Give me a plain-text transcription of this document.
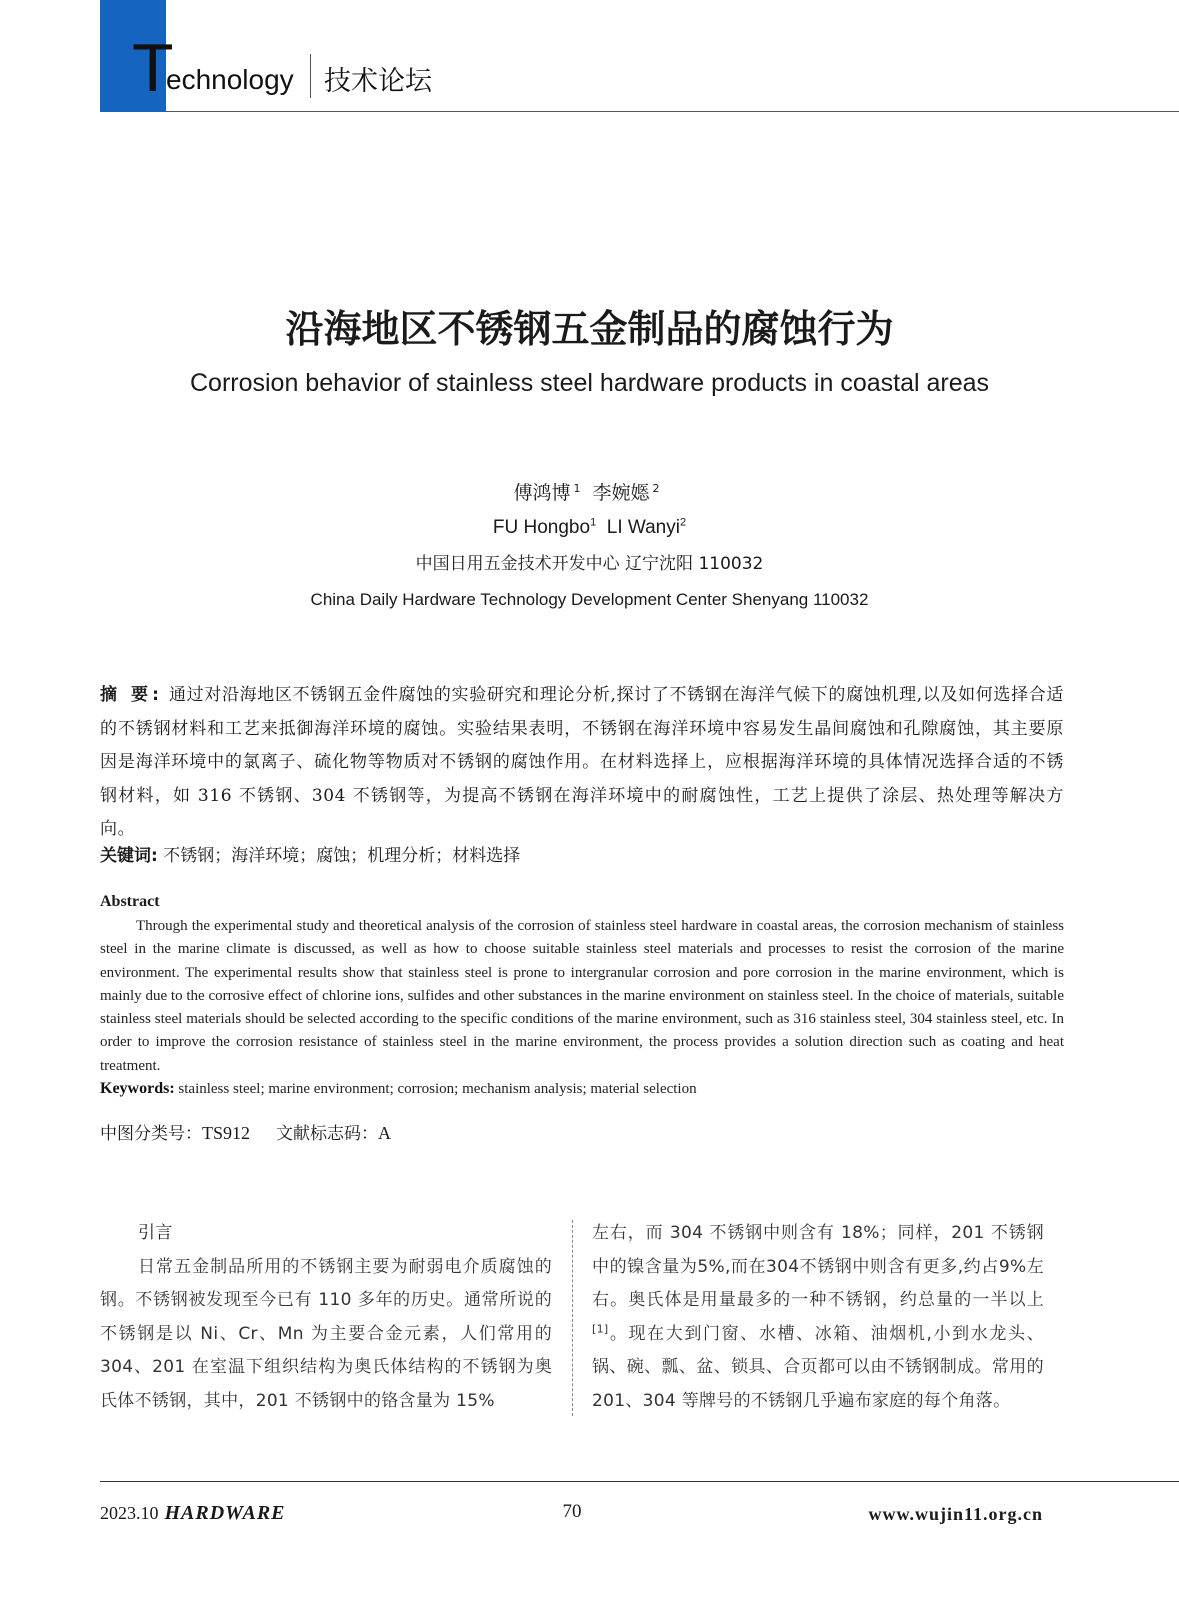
T
echnology 技术论坛
沿海地区不锈钢五金制品的腐蚀行为
Corrosion behavior of stainless steel hardware products in coastal areas
傅鸿博 $^1$ 李婉嫕 $^2$
FU Hongbo$^1$ LI Wanyi$^2$
中国日用五金技术开发中心 辽宁沈阳 110032
China Daily Hardware Technology Development Center Shenyang 110032
摘 要: 通过对沿海地区不锈钢五金件腐蚀的实验研究和理论分析,探讨了不锈钢在海洋气候下的腐蚀机理,以及如何选择合适的不锈钢材料和工艺来抵御海洋环境的腐蚀。实验结果表明，不锈钢在海洋环境中容易发生晶间腐蚀和孔隙腐蚀，其主要原因是海洋环境中的氯离子、硫化物等物质对不锈钢的腐蚀作用。在材料选择上，应根据海洋环境的具体情况选择合适的不锈钢材料，如 316 不锈钢、304 不锈钢等，为提高不锈钢在海洋环境中的耐腐蚀性，工艺上提供了涂层、热处理等解决方向。
关键词: 不锈钢；海洋环境；腐蚀；机理分析；材料选择
Abstract
Through the experimental study and theoretical analysis of the corrosion of stainless steel hardware in coastal areas, the corrosion mechanism of stainless steel in the marine climate is discussed, as well as how to choose suitable stainless steel materials and processes to resist the corrosion of the marine environment. The experimental results show that stainless steel is prone to intergranular corrosion and pore corrosion in the marine environment, which is mainly due to the corrosive effect of chlorine ions, sulfides and other substances in the marine environment on stainless steel. In the choice of materials, suitable stainless steel materials should be selected according to the specific conditions of the marine environment, such as 316 stainless steel, 304 stainless steel, etc. In order to improve the corrosion resistance of stainless steel in the marine environment, the process provides a solution direction such as coating and heat treatment.
Keywords: stainless steel; marine environment; corrosion; mechanism analysis; material selection
中图分类号：TS912 文献标志码：A
引言

日常五金制品所用的不锈钢主要为耐弱电介质腐蚀的钢。不锈钢被发现至今已有 110 多年的历史。通常所说的不锈钢是以 Ni、Cr、Mn 为主要合金元素，人们常用的 304、201 在室温下组织结构为奥氏体结构的不锈钢为奥氏体不锈钢，其中，201 不锈钢中的铬含量为 15%

左右，而 304 不锈钢中则含有 18%；同样，201 不锈钢中的镍含量为5%,而在304不锈钢中则含有更多,约占9%左右。奥氏体是用量最多的一种不锈钢，约总量的一半以上[1]。现在大到门窗、水槽、冰箱、油烟机,小到水龙头、锅、碗、瓢、盆、锁具、合页都可以由不锈钢制成。常用的 201、304 等牌号的不锈钢几乎遍布家庭的每个角落。

2023.10 HARDWARE	70	www.wujin11.org.cn
